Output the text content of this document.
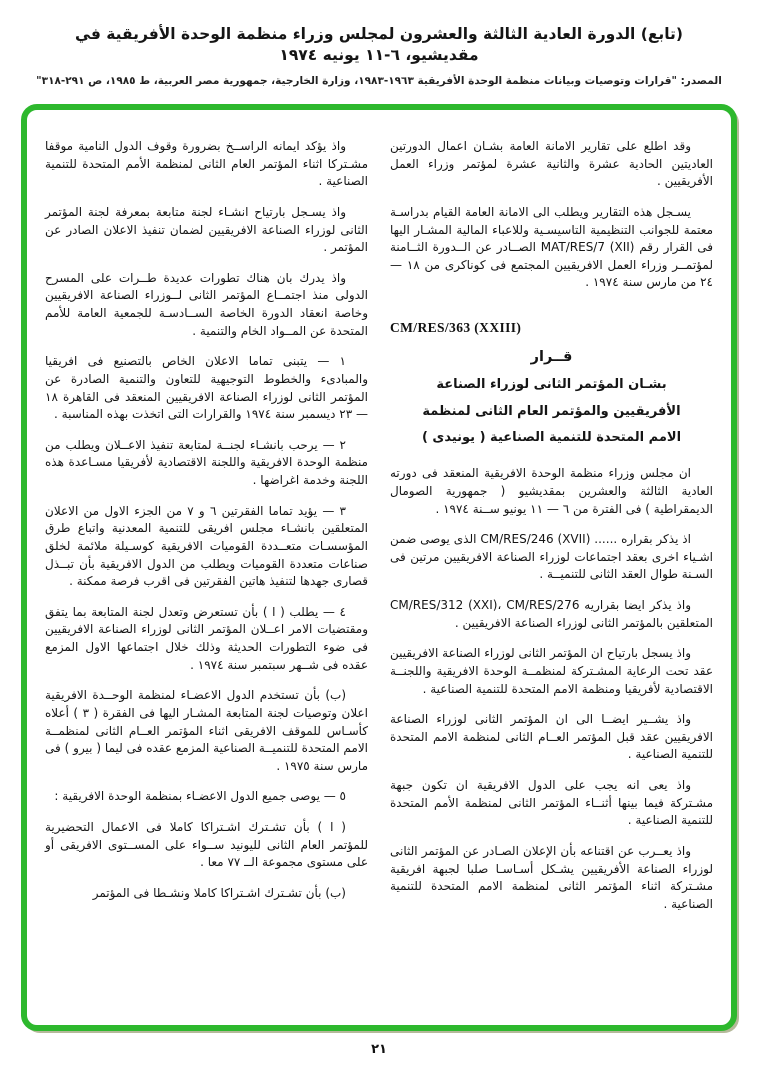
(تابع) الدورة العادية الثالثة والعشرون لمجلس وزراء منظمة الوحدة الأفريقية في مقديشيو، ٦-١١ يونيه ١٩٧٤
المصدر: "قرارات وتوصيات وبيانات منظمة الوحدة الأفريقية ١٩٦٣-١٩٨٣، وزارة الخارجية، جمهورية مصر العربية، ط ١٩٨٥، ص ٢٩١-٣١٨"

وقد اطلع على تقارير الامانة العامة بشـان اعمال الدورتين العاديتين الحادية عشرة والثانية عشرة لمؤتمر وزراء العمل الأفريقيين .

يسـجل هذه التقارير ويطلب الى الامانة العامة القيام بدراسـة معتمة للجوانب التنظيمية التاسيسـية وللاعباء المالية المشـار اليها فى القرار رقم MAT/RES/7 (XII) الصــادر عن الــدورة الثــامنة لمؤتمــر وزراء العمل الافريقيين المجتمع فى كوناكرى من ١٨ — ٢٤ من مارس سنة ١٩٧٤ .

CM/RES/363 (XXIII)
قــرار
بشـان المؤتمر الثانى لوزراء الصناعة
الأفريقيين والمؤتمر العام الثانى لمنظمة
الامم المتحدة للتنمية الصناعية ( يونيدى )

ان مجلس وزراء منظمة الوحدة الافريقية المنعقد فى دورته العادية الثالثة والعشرين بمقديشيو ( جمهورية الصومال الديمقراطية ) فى الفترة من ٦ — ١١ يونيو ســنة ١٩٧٤ .

اذ يذكر بقراره ...... CM/RES/246 (XVII) الذى يوصى ضمن اشـياء اخرى بعقد اجتماعات لوزراء الصناعة الافريقيين مرتين فى السـنة طوال العقد الثانى للتنميــة .

واذ يذكر ايضا بقراريه CM/RES/312 (XXI)، CM/RES/276 المتعلقين بالمؤتمر الثانى لوزراء الصناعة الافريقيين .

واذ يسجل بارتياح ان المؤتمر الثانى لوزراء الصناعة الافريقيين عقد تحت الرعاية المشـتركة لمنظمــة الوحدة الافريقية واللجنــة الاقتصادية لأفريقيا ومنظمة الامم المتحدة للتنمية الصناعية .

واذ يشــير ايضــا الى ان المؤتمر الثانى لوزراء الصناعة الافريقيين عقد قبل المؤتمر العــام الثانى لمنظمة الامم المتحدة للتنمية الصناعية .

واذ يعى انه يجب على الدول الافريقية ان تكون جبهة مشـتركة فيما بينها أثنــاء المؤتمر الثانى لمنظمة الأمم المتحدة للتنمية الصناعية .

واذ يعــرب عن اقتناعه بأن الإعلان الصـادر عن المؤتمر الثانى لوزراء الصناعة الأفريقيين يشـكل أسـاسـا صلبا لجبهة افريقية مشـتركة اثناء المؤتمر الثانى لمنظمة الامم المتحدة للتنمية الصناعية .

واذ يؤكد ايمانه الراســخ بضرورة وقوف الدول النامية موقفا مشـتركا اثناء المؤتمر العام الثانى لمنظمة الأمم المتحدة للتنمية الصناعية .

واذ يسـجل بارتياح انشـاء لجنة متابعة بمعرفة لجنة المؤتمر الثانى لوزراء الصناعة الافريقيين لضمان تنفيذ الاعلان الصادر عن المؤتمر .

واذ يدرك بان هناك تطورات عديدة طــرات على المسرح الدولى منذ اجتمــاع المؤتمر الثانى لــوزراء الصناعة الافريقيين وخاصة انعقاد الدورة الخاصة الســادسـة للجمعية العامة للأمم المتحدة عن المــواد الخام والتنمية .

١ — يتبنى تماما الاعلان الخاص بالتصنيع فى افريقيا والمبادىء والخطوط التوجيهية للتعاون والتنمية الصادرة عن المؤتمر الثانى لوزراء الصناعة الافريقيين المنعقد فى القاهرة ١٨ — ٢٣ ديسمبر سنة ١٩٧٤ والقرارات التى اتخذت بهذه المناسبة .

٢ — يرحب بانشـاء لجنــة لمتابعة تنفيذ الاعــلان ويطلب من منظمة الوحدة الافريقية واللجنة الاقتصادية لأفريقيا مسـاعدة هذه اللجنة وخدمة اغراضها .

٣ — يؤيد تماما الفقرتين ٦ و ٧ من الجزء الاول من الاعلان المتعلقين بانشـاء مجلس افريقى للتنمية المعدنية واتباع طرق المؤسسـات متعــددة القوميات الافريقية كوسـيلة ملائمة لخلق صناعات متعددة القوميات ويطلب من الدول الافريقية بأن تبــذل قصارى جهدها لتنفيذ هاتين الفقرتين فى اقرب فرصة ممكنة .

٤ — يطلب ( ا ) بأن تستعرض وتعدل لجنة المتابعة بما يتفق ومقتضيات الامر اعــلان المؤتمر الثانى لوزراء الصناعة الافريقيين فى ضوء التطورات الحديثة وذلك خلال اجتماعها الاول المزمع عقده فى شــهر سبتمبر سنة ١٩٧٤ .

(ب) بأن تستخدم الدول الاعضـاء لمنظمة الوحــدة الافريقية اعلان وتوصيات لجنة المتابعة المشـار اليها فى الفقرة ( ٣ ) أعلاه كأسـاس للموقف الافريقى اثناء المؤتمر العــام الثانى لمنظمــة الامم المتحدة للتنميــة الصناعية المزمع عقده فى ليما ( بيرو ) فى مارس سنة ١٩٧٥ .

٥ — يوصى جميع الدول الاعضـاء بمنظمة الوحدة الافريقية :

( ا ) بأن تشـترك اشـتراكا كاملا فى الاعمال التحضيرية للمؤتمر العام الثانى لليونيد ســواء على المســتوى الافريقى أو على مستوى مجموعة الــ ٧٧ معا .

(ب) بأن تشـترك اشـتراكا كاملا ونشـطا فى المؤتمر

٢١
